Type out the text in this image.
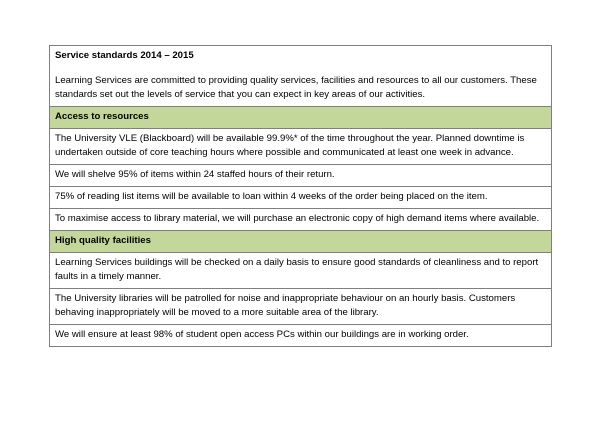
Service standards 2014 – 2015
Learning Services are committed to providing quality services, facilities and resources to all our customers. These standards set out the levels of service that you can expect in key areas of our activities.
Access to resources
The University VLE (Blackboard) will be available 99.9%* of the time throughout the year. Planned downtime is undertaken outside of core teaching hours where possible and communicated at least one week in advance.
We will shelve 95% of items within 24 staffed hours of their return.
75% of reading list items will be available to loan within 4 weeks of the order being placed on the item.
To maximise access to library material, we will purchase an electronic copy of high demand items where available.
High quality facilities
Learning Services buildings will be checked on a daily basis to ensure good standards of cleanliness and to report faults in a timely manner.
The University libraries will be patrolled for noise and inappropriate behaviour on an hourly basis. Customers behaving inappropriately will be moved to a more suitable area of the library.
We will ensure at least 98% of student open access PCs within our buildings are in working order.
